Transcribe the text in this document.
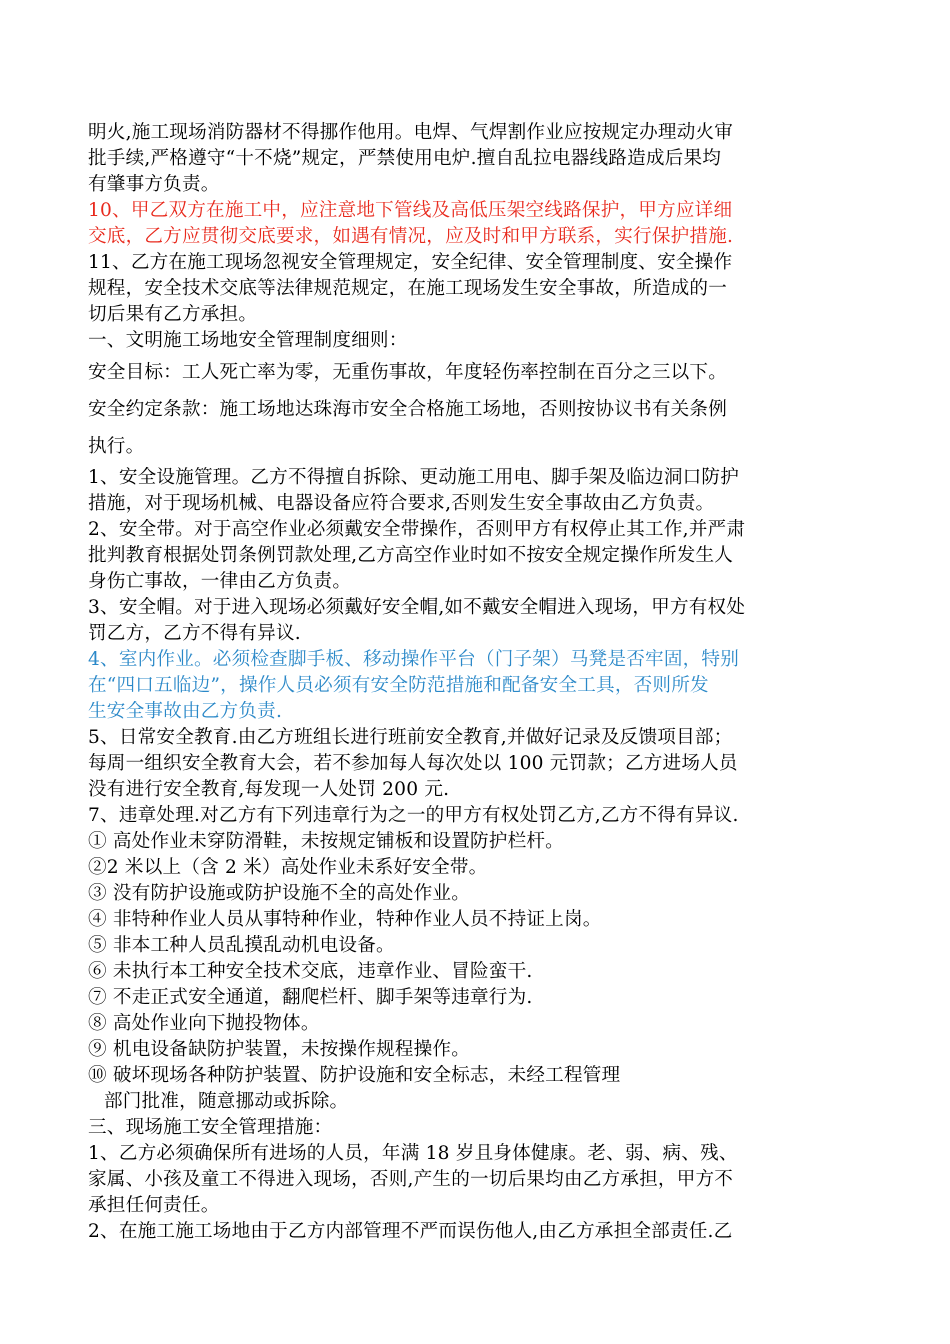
明火,施工现场消防器材不得挪作他用。电焊、气焊割作业应按规定办理动火审
批手续,严格遵守“十不烧”规定，严禁使用电炉.擅自乱拉电器线路造成后果均
有肇事方负责。
10、甲乙双方在施工中，应注意地下管线及高低压架空线路保护，甲方应详细
交底，乙方应贯彻交底要求，如遇有情况，应及时和甲方联系，实行保护措施.
11、乙方在施工现场忽视安全管理规定，安全纪律、安全管理制度、安全操作
规程，安全技术交底等法律规范规定，在施工现场发生安全事故，所造成的一
切后果有乙方承担。
一、文明施工场地安全管理制度细则：
安全目标：工人死亡率为零，无重伤事故，年度轻伤率控制在百分之三以下。
安全约定条款：施工场地达珠海市安全合格施工场地，否则按协议书有关条例
执行。
1、安全设施管理。乙方不得擅自拆除、更动施工用电、脚手架及临边洞口防护
措施，对于现场机械、电器设备应符合要求,否则发生安全事故由乙方负责。
2、安全带。对于高空作业必须戴安全带操作，否则甲方有权停止其工作,并严肃
批判教育根据处罚条例罚款处理,乙方高空作业时如不按安全规定操作所发生人
身伤亡事故，一律由乙方负责。
3、安全帽。对于进入现场必须戴好安全帽,如不戴安全帽进入现场，甲方有权处
罚乙方，乙方不得有异议.
4、室内作业。必须检查脚手板、移动操作平台（门子架）马凳是否牢固，特别
在“四口五临边”，操作人员必须有安全防范措施和配备安全工具，否则所发
生安全事故由乙方负责.
5、日常安全教育.由乙方班组长进行班前安全教育,并做好记录及反馈项目部；
每周一组织安全教育大会，若不参加每人每次处以 100 元罚款；乙方进场人员
没有进行安全教育,每发现一人处罚 200 元.
7、违章处理.对乙方有下列违章行为之一的甲方有权处罚乙方,乙方不得有异议.
① 高处作业未穿防滑鞋，未按规定铺板和设置防护栏杆。
②2 米以上（含 2 米）高处作业未系好安全带。
③ 没有防护设施或防护设施不全的高处作业。
④ 非特种作业人员从事特种作业，特种作业人员不持证上岗。
⑤ 非本工种人员乱摸乱动机电设备。
⑥ 未执行本工种安全技术交底，违章作业、冒险蛮干.
⑦ 不走正式安全通道，翻爬栏杆、脚手架等违章行为.
⑧ 高处作业向下抛投物体。
⑨ 机电设备缺防护装置，未按操作规程操作。
⑩ 破坏现场各种防护装置、防护设施和安全标志，未经工程管理
部门批准，随意挪动或拆除。
三、现场施工安全管理措施：
1、乙方必须确保所有进场的人员，年满 18 岁且身体健康。老、弱、病、残、
家属、小孩及童工不得进入现场，否则,产生的一切后果均由乙方承担，甲方不
承担任何责任。
2、在施工施工场地由于乙方内部管理不严而误伤他人,由乙方承担全部责任.乙
